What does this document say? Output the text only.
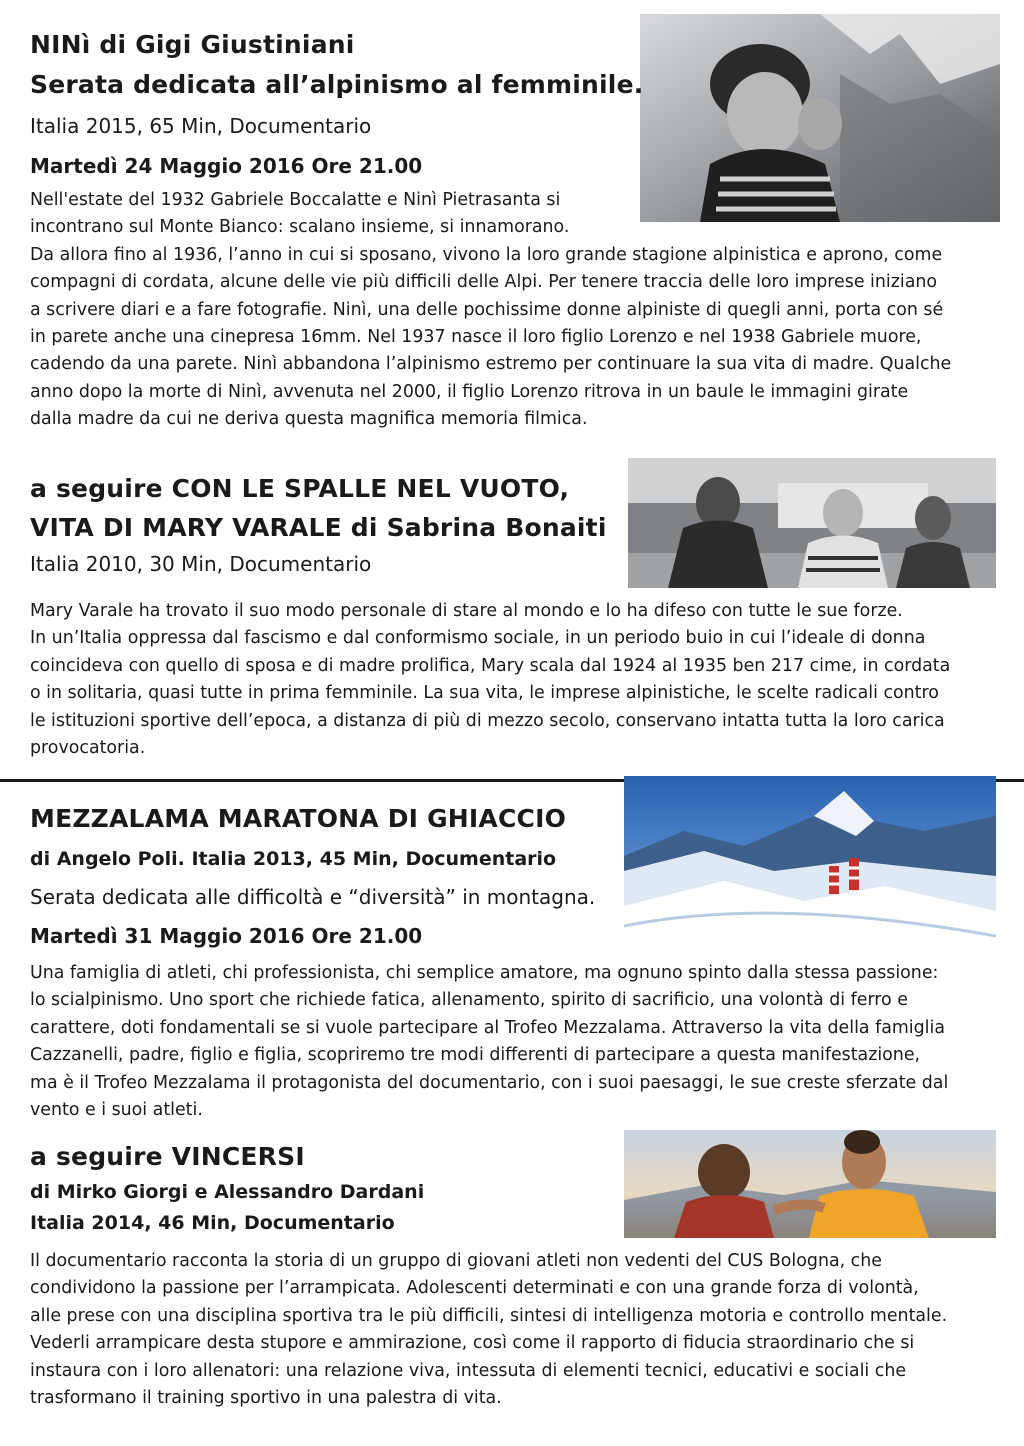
NINì di Gigi Giustiniani
Serata dedicata all’alpinismo al femminile.
Italia 2015, 65 Min, Documentario
Martedì 24 Maggio 2016 Ore 21.00
Nell'estate del 1932 Gabriele Boccalatte e Ninì Pietrasanta si
incontrano sul Monte Bianco: scalano insieme, si innamorano.
Da allora fino al 1936, l’anno in cui si sposano, vivono la loro grande stagione alpinistica e aprono, come
compagni di cordata, alcune delle vie più difficili delle Alpi. Per tenere traccia delle loro imprese iniziano
a scrivere diari e a fare fotografie. Ninì, una delle pochissime donne alpiniste di quegli anni, porta con sé
in parete anche una cinepresa 16mm. Nel 1937 nasce il loro figlio Lorenzo e nel 1938 Gabriele muore,
cadendo da una parete. Ninì abbandona l’alpinismo estremo per continuare la sua vita di madre. Qualche
anno dopo la morte di Ninì, avvenuta nel 2000, il figlio Lorenzo ritrova in un baule le immagini girate
dalla madre da cui ne deriva questa magnifica memoria filmica.
a seguire CON LE SPALLE NEL VUOTO,
VITA DI MARY VARALE di Sabrina Bonaiti
Italia 2010, 30 Min, Documentario
Mary Varale ha trovato il suo modo personale di stare al mondo e lo ha difeso con tutte le sue forze.
In un’Italia oppressa dal fascismo e dal conformismo sociale, in un periodo buio in cui l’ideale di donna
coincideva con quello di sposa e di madre prolifica, Mary scala dal 1924 al 1935 ben 217 cime, in cordata
o in solitaria, quasi tutte in prima femminile. La sua vita, le imprese alpinistiche, le scelte radicali contro
le istituzioni sportive dell’epoca, a distanza di più di mezzo secolo, conservano intatta tutta la loro carica
provocatoria.
MEZZALAMA MARATONA DI GHIACCIO
di Angelo Poli. Italia 2013, 45 Min, Documentario
Serata dedicata alle difficoltà e “diversità” in montagna.
Martedì 31 Maggio 2016 Ore 21.00
Una famiglia di atleti, chi professionista, chi semplice amatore, ma ognuno spinto dalla stessa passione:
lo scialpinismo. Uno sport che richiede fatica, allenamento, spirito di sacrificio, una volontà di ferro e
carattere, doti fondamentali se si vuole partecipare al Trofeo Mezzalama. Attraverso la vita della famiglia
Cazzanelli, padre, figlio e figlia, scopriremo tre modi differenti di partecipare a questa manifestazione,
ma è il Trofeo Mezzalama il protagonista del documentario, con i suoi paesaggi, le sue creste sferzate dal
vento e i suoi atleti.
a seguire VINCERSI
di Mirko Giorgi e Alessandro Dardani
Italia 2014, 46 Min, Documentario
Il documentario racconta la storia di un gruppo di giovani atleti non vedenti del CUS Bologna, che
condividono la passione per l’arrampicata. Adolescenti determinati e con una grande forza di volontà,
alle prese con una disciplina sportiva tra le più difficili, sintesi di intelligenza motoria e controllo mentale.
Vederli arrampicare desta stupore e ammirazione, così come il rapporto di fiducia straordinario che si
instaura con i loro allenatori: una relazione viva, intessuta di elementi tecnici, educativi e sociali che
trasformano il training sportivo in una palestra di vita.
